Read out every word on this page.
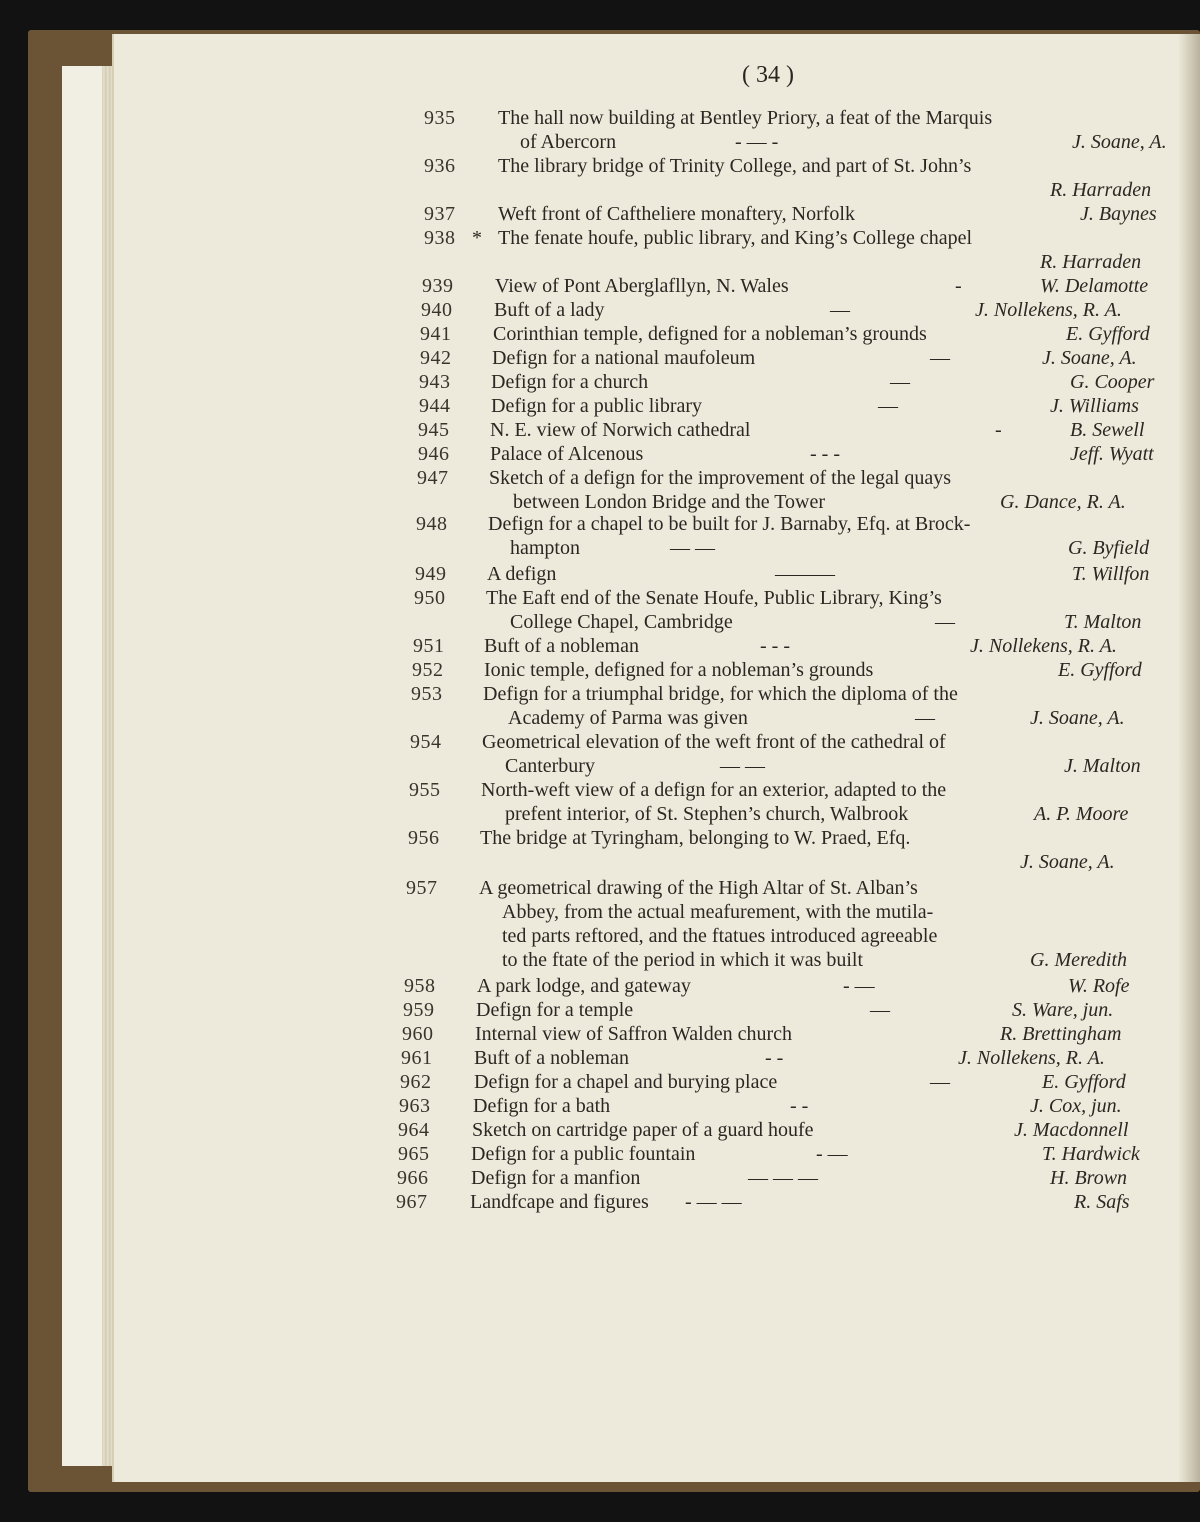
( 34 )
935 The hall now building at Bentley Priory, a feat of the Marquis
of Abercorn	- — -	J. Soane, A.
936 The library bridge of Trinity College, and part of St. John’s
R. Harraden
937 Weft front of Caftheliere monaftery, Norfolk	J. Baynes
938 * The fenate houfe, public library, and King’s College chapel
R. Harraden
939 View of Pont Aberglafllyn, N. Wales	-	W. Delamotte
940 Buft of a lady	—	J. Nollekens, R. A.
941 Corinthian temple, defigned for a nobleman’s grounds	E. Gyfford
942 Defign for a national maufoleum	—	J. Soane, A.
943 Defign for a church	—	G. Cooper
944 Defign for a public library	—	J. Williams
945 N. E. view of Norwich cathedral	-	B. Sewell
946 Palace of Alcenous	- - -	Jeff. Wyatt
947 Sketch of a defign for the improvement of the legal quays
between London Bridge and the Tower	G. Dance, R. A.
948 Defign for a chapel to be built for J. Barnaby, Efq. at Brock-
hampton	— —	G. Byfield
949 A defign	———	T. Willfon
950 The Eaft end of the Senate Houfe, Public Library, King’s
College Chapel, Cambridge	—	T. Malton
951 Buft of a nobleman	- - -	J. Nollekens, R. A.
952 Ionic temple, defigned for a nobleman’s grounds	E. Gyfford
953 Defign for a triumphal bridge, for which the diploma of the
Academy of Parma was given	—	J. Soane, A.
954 Geometrical elevation of the weft front of the cathedral of
Canterbury	— —	J. Malton
955 North-weft view of a defign for an exterior, adapted to the
prefent interior, of St. Stephen’s church, Walbrook	A. P. Moore
956 The bridge at Tyringham, belonging to W. Praed, Efq.
J. Soane, A.
957 A geometrical drawing of the High Altar of St. Alban’s
Abbey, from the actual meafurement, with the mutila-
ted parts reftored, and the ftatues introduced agreeable
to the ftate of the period in which it was built	G. Meredith
958 A park lodge, and gateway	- —	W. Rofe
959 Defign for a temple	—	S. Ware, jun.
960 Internal view of Saffron Walden church	R. Brettingham
961 Buft of a nobleman	- -	J. Nollekens, R. A.
962 Defign for a chapel and burying place	—	E. Gyfford
963 Defign for a bath	- -	J. Cox, jun.
964 Sketch on cartridge paper of a guard houfe	J. Macdonnell
965 Defign for a public fountain	- —	T. Hardwick
966 Defign for a manfion	— — —	H. Brown
967 Landfcape and figures - — —	R. Safs
